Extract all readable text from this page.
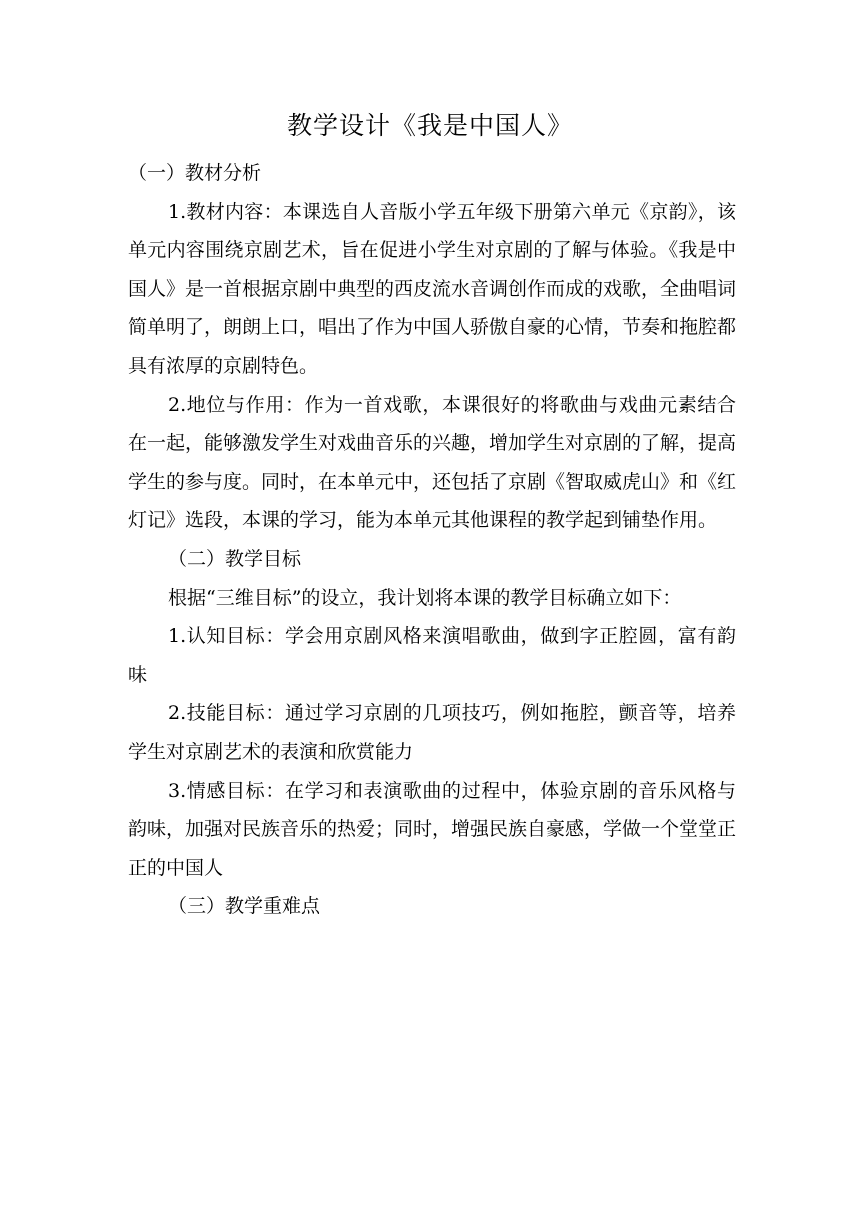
教学设计《我是中国人》

（一）教材分析

1.教材内容：本课选自人音版小学五年级下册第六单元《京韵》，该单元内容围绕京剧艺术，旨在促进小学生对京剧的了解与体验。《我是中国人》是一首根据京剧中典型的西皮流水音调创作而成的戏歌，全曲唱词简单明了，朗朗上口，唱出了作为中国人骄傲自豪的心情，节奏和拖腔都具有浓厚的京剧特色。

2.地位与作用：作为一首戏歌，本课很好的将歌曲与戏曲元素结合在一起，能够激发学生对戏曲音乐的兴趣，增加学生对京剧的了解，提高学生的参与度。同时，在本单元中，还包括了京剧《智取威虎山》和《红灯记》选段，本课的学习，能为本单元其他课程的教学起到铺垫作用。

（二）教学目标

根据“三维目标”的设立，我计划将本课的教学目标确立如下：

1.认知目标：学会用京剧风格来演唱歌曲，做到字正腔圆，富有韵味

2.技能目标：通过学习京剧的几项技巧，例如拖腔，颤音等，培养学生对京剧艺术的表演和欣赏能力

3.情感目标：在学习和表演歌曲的过程中，体验京剧的音乐风格与韵味，加强对民族音乐的热爱；同时，增强民族自豪感，学做一个堂堂正正的中国人

（三）教学重难点
